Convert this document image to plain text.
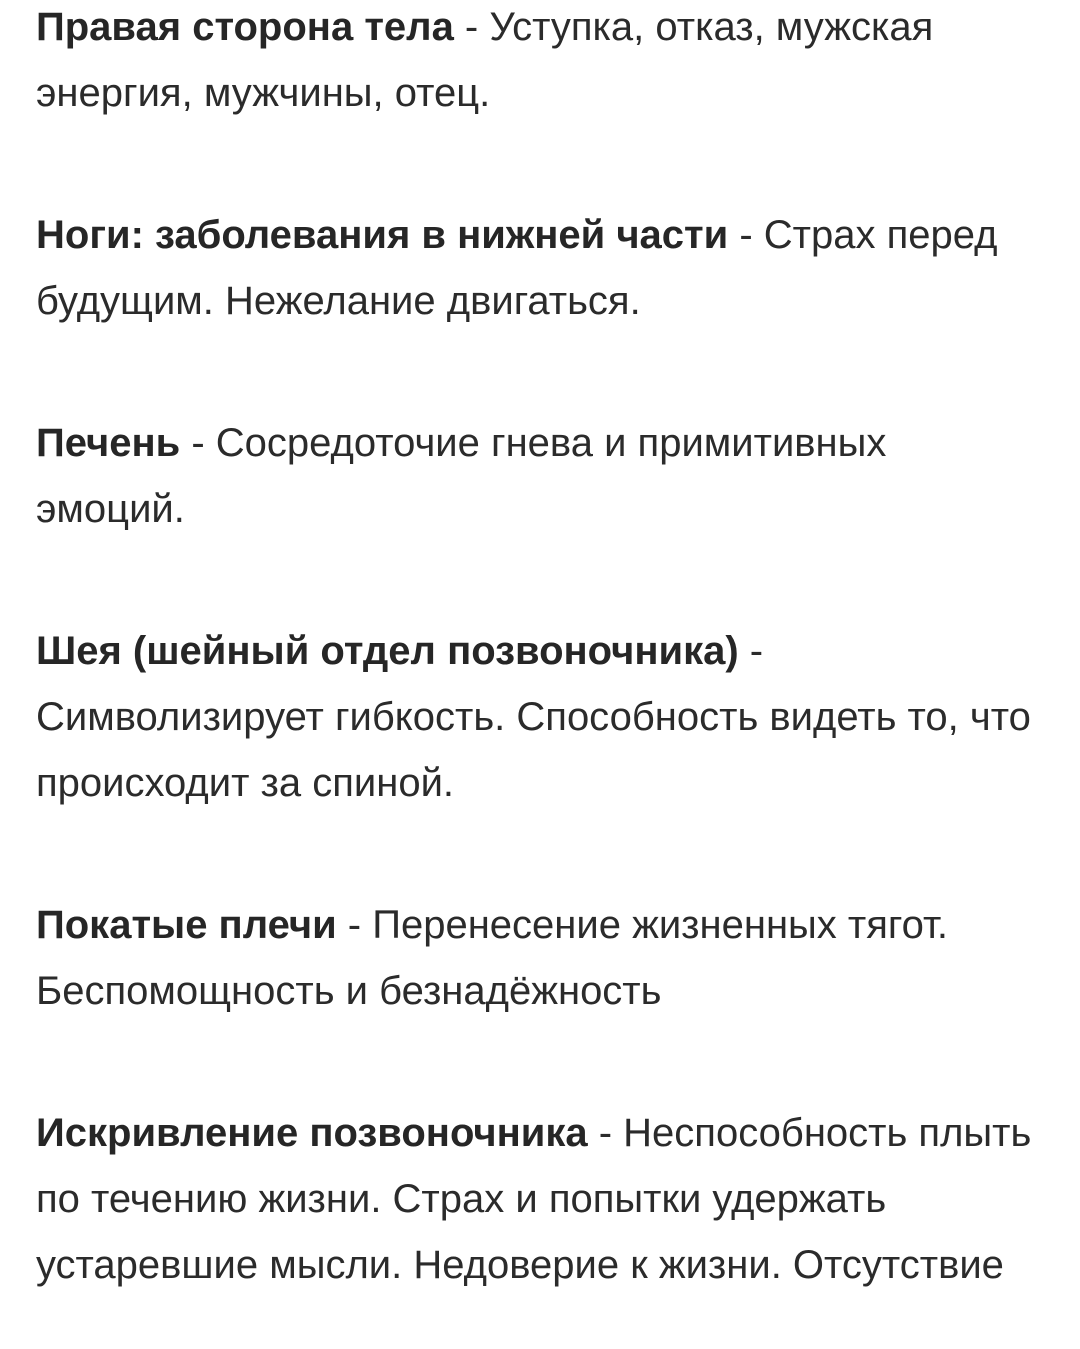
Правая сторона тела - Уступка, отказ, мужская энергия, мужчины, отец.

Ноги: заболевания в нижней части - Страх перед будущим. Нежелание двигаться.

Печень - Сосредоточие гнева и примитивных эмоций.

Шея (шейный отдел позвоночника) - Символизирует гибкость. Способность видеть то, что происходит за спиной.

Покатые плечи - Перенесение жизненных тягот. Беспомощность и безнадёжность

Искривление позвоночника - Неспособность плыть по течению жизни. Страх и попытки удержать устаревшие мысли. Недоверие к жизни. Отсутствие
